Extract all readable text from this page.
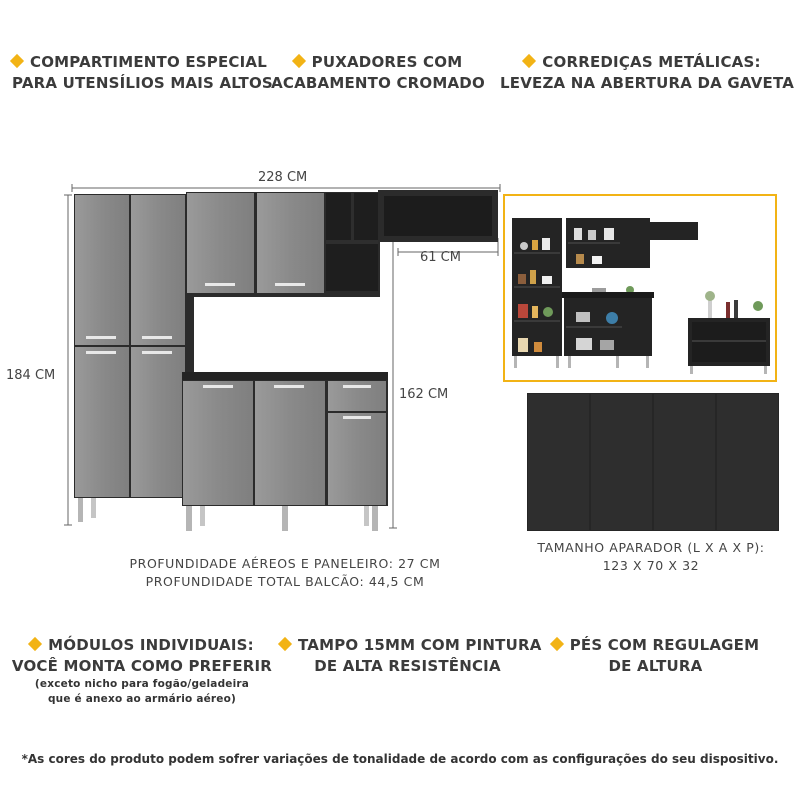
COMPARTIMENTO ESPECIAL
PARA UTENSÍLIOS MAIS ALTOS
PUXADORES COM
ACABAMENTO CROMADO
CORREDIÇAS METÁLICAS:
LEVEZA NA ABERTURA DA GAVETA
228 CM
184 CM
162 CM
61 CM
PROFUNDIDADE AÉREOS E PANELEIRO: 27 CM
PROFUNDIDADE TOTAL BALCÃO: 44,5 CM
TAMANHO APARADOR (L X A X P):
123 X 70 X 32
MÓDULOS INDIVIDUAIS:
VOCÊ MONTA COMO PREFERIR
(exceto nicho para fogão/geladeira
que é anexo ao armário aéreo)
TAMPO 15MM COM PINTURA
DE ALTA RESISTÊNCIA
PÉS COM REGULAGEM
DE ALTURA
*As cores do produto podem sofrer variações de tonalidade de acordo com as configurações do seu dispositivo.
